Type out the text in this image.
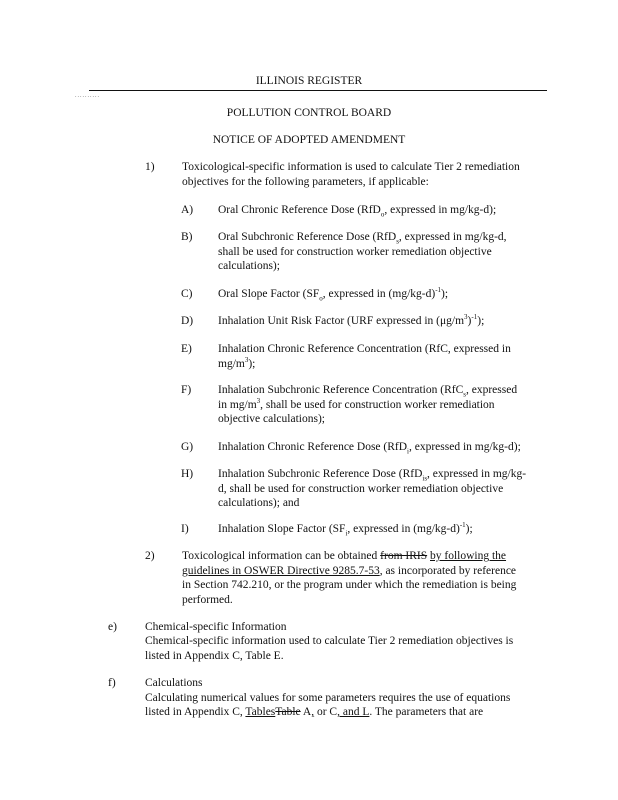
ILLINOIS REGISTER
..........
POLLUTION CONTROL BOARD
NOTICE OF ADOPTED AMENDMENT
1) Toxicological-specific information is used to calculate Tier 2 remediation
objectives for the following parameters, if applicable:
A) Oral Chronic Reference Dose (RfD$_o$, expressed in mg/kg-d);
B) Oral Subchronic Reference Dose (RfD$_s$, expressed in mg/kg-d,
shall be used for construction worker remediation objective
calculations);
C) Oral Slope Factor ($SF_o$, expressed in $(mg/kg-d)^{-1}$);
D) Inhalation Unit Risk Factor (URF expressed in $(\mu g/m^3)^{-1}$);
E) Inhalation Chronic Reference Concentration (RfC, expressed in
$mg/m^3$);
F) Inhalation Subchronic Reference Concentration (RfC$_s$, expressed
in $mg/m^3$, shall be used for construction worker remediation
objective calculations);
G) Inhalation Chronic Reference Dose (RfD$_i$, expressed in mg/kg-d);
H) Inhalation Subchronic Reference Dose (RfD$_{is}$, expressed in mg/kg-
d, shall be used for construction worker remediation objective
calculations); and
I)	Inhalation Slope Factor ($SF_i$, expressed in $(mg/kg-d)^{-1}$);
2) Toxicological information can be obtained from IRIS by following the
guidelines in OSWER Directive 9285.7-53, as incorporated by reference
in Section 742.210, or the program under which the remediation is being
performed.
e) Chemical-specific Information
Chemical-specific information used to calculate Tier 2 remediation objectives is
listed in Appendix C, Table E.
f)	Calculations
Calculating numerical values for some parameters requires the use of equations
listed in Appendix C, TablesTable A, or C, and L. The parameters that are
